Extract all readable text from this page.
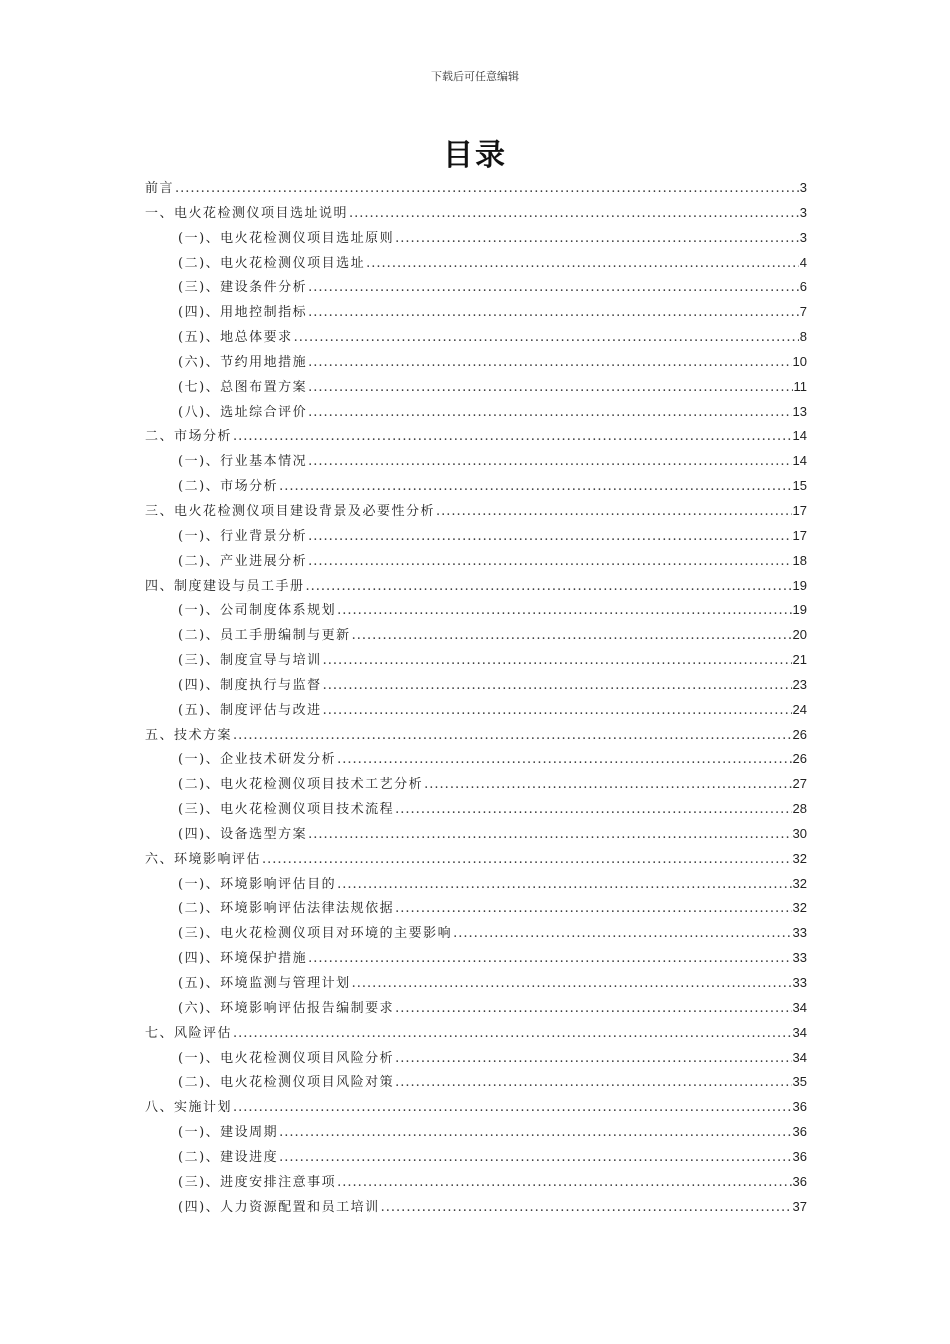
下载后可任意编辑
目录
前言 .....	3
一、电火花检测仪项目选址说明 .....	3
(一)、电火花检测仪项目选址原则 .....	3
(二)、电火花检测仪项目选址 .....	4
(三)、建设条件分析 .....	6
(四)、用地控制指标 .....	7
(五)、地总体要求 .....	8
(六)、节约用地措施 .....	10
(七)、总图布置方案 .....	11
(八)、选址综合评价 .....	13
二、市场分析 .....	14
(一)、行业基本情况 .....	14
(二)、市场分析 .....	15
三、电火花检测仪项目建设背景及必要性分析 .....	17
(一)、行业背景分析 .....	17
(二)、产业进展分析 .....	18
四、制度建设与员工手册 .....	19
(一)、公司制度体系规划 .....	19
(二)、员工手册编制与更新 .....	20
(三)、制度宣导与培训 .....	21
(四)、制度执行与监督 .....	23
(五)、制度评估与改进 .....	24
五、技术方案 .....	26
(一)、企业技术研发分析 .....	26
(二)、电火花检测仪项目技术工艺分析 .....	27
(三)、电火花检测仪项目技术流程 .....	28
(四)、设备选型方案 .....	30
六、环境影响评估 .....	32
(一)、环境影响评估目的 .....	32
(二)、环境影响评估法律法规依据 .....	32
(三)、电火花检测仪项目对环境的主要影响 .....	33
(四)、环境保护措施 .....	33
(五)、环境监测与管理计划 .....	33
(六)、环境影响评估报告编制要求 .....	34
七、风险评估 .....	34
(一)、电火花检测仪项目风险分析 .....	34
(二)、电火花检测仪项目风险对策 .....	35
八、实施计划 .....	36
(一)、建设周期 .....	36
(二)、建设进度 .....	36
(三)、进度安排注意事项 .....	36
(四)、人力资源配置和员工培训 .....	37
